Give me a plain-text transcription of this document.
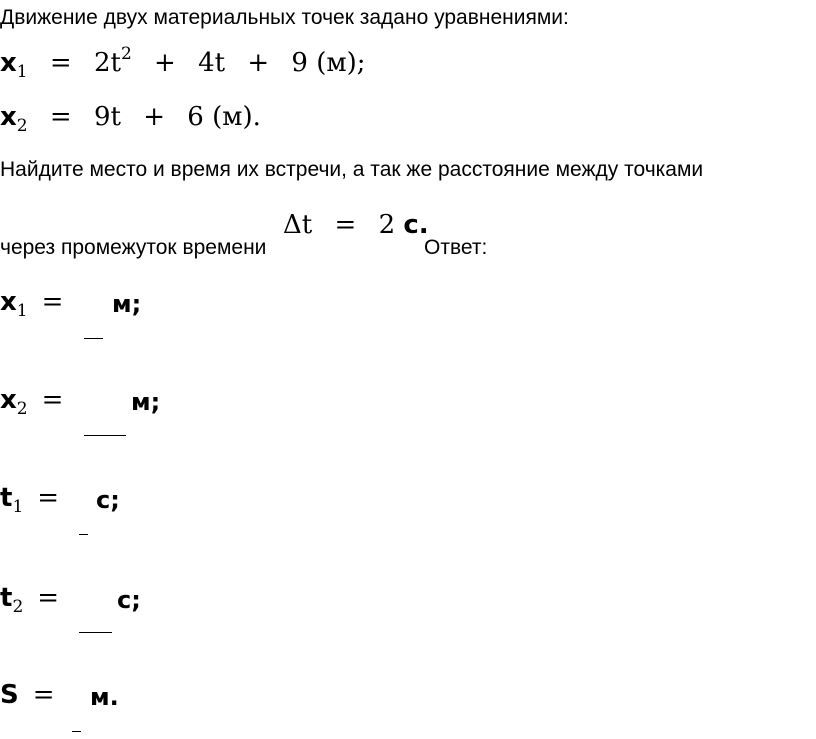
Движение двух материальных точек задано уравнениями:
$x_1 = 2t^2 + 4t + 9$ (м);
$x_2 = 9t + 6$ (м).
Найдите место и время их встречи, а так же расстояние между точками
Δt = 2 с.
через промежуток времени	Ответ:
$x_1$ =	м;
$x_2$ =	м;
$t_1$ =	с;
$t_2$ =	с;
S =	м.
